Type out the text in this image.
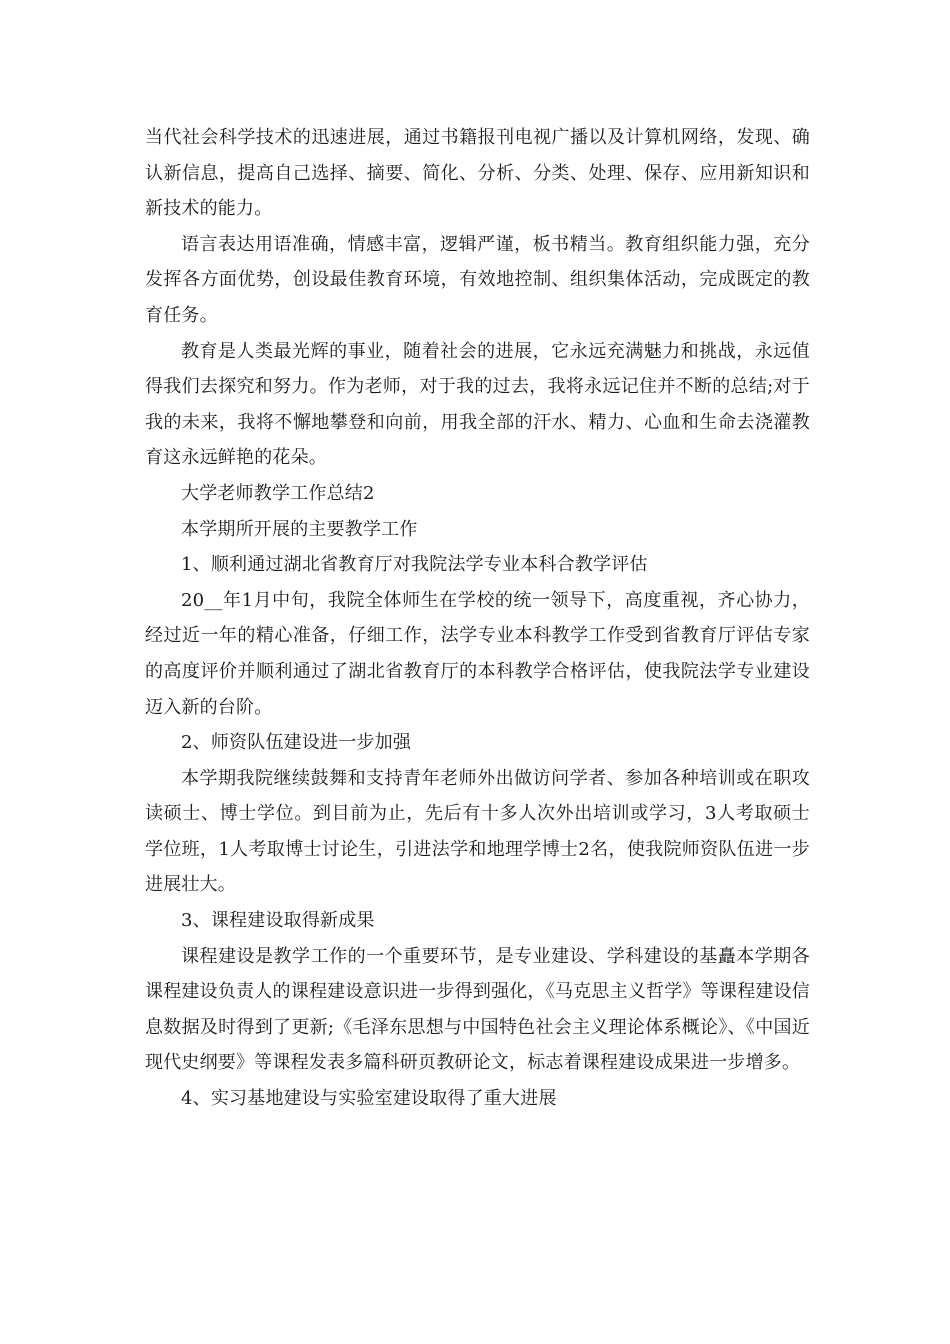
当代社会科学技术的迅速进展，通过书籍报刊电视广播以及计算机网络，发现、确认新信息，提高自己选择、摘要、简化、分析、分类、处理、保存、应用新知识和新技术的能力。

语言表达用语准确，情感丰富，逻辑严谨，板书精当。教育组织能力强，充分发挥各方面优势，创设最佳教育环境，有效地控制、组织集体活动，完成既定的教育任务。

教育是人类最光辉的事业，随着社会的进展，它永远充满魅力和挑战，永远值得我们去探究和努力。作为老师，对于我的过去，我将永远记住并不断的总结;对于我的未来，我将不懈地攀登和向前，用我全部的汗水、精力、心血和生命去浇灌教育这永远鲜艳的花朵。

大学老师教学工作总结2

本学期所开展的主要教学工作

1、顺利通过湖北省教育厅对我院法学专业本科合教学评估

20__年1月中旬，我院全体师生在学校的统一领导下，高度重视，齐心协力，经过近一年的精心准备，仔细工作，法学专业本科教学工作受到省教育厅评估专家的高度评价并顺利通过了湖北省教育厅的本科教学合格评估，使我院法学专业建设迈入新的台阶。

2、师资队伍建设进一步加强

本学期我院继续鼓舞和支持青年老师外出做访问学者、参加各种培训或在职攻读硕士、博士学位。到目前为止，先后有十多人次外出培训或学习，3人考取硕士学位班，1人考取博士讨论生，引进法学和地理学博士2名，使我院师资队伍进一步进展壮大。

3、课程建设取得新成果

课程建设是教学工作的一个重要环节，是专业建设、学科建设的基矗本学期各课程建设负责人的课程建设意识进一步得到强化，《马克思主义哲学》等课程建设信息数据及时得到了更新;《毛泽东思想与中国特色社会主义理论体系概论》、《中国近现代史纲要》等课程发表多篇科研页教研论文，标志着课程建设成果进一步增多。

4、实习基地建设与实验室建设取得了重大进展
